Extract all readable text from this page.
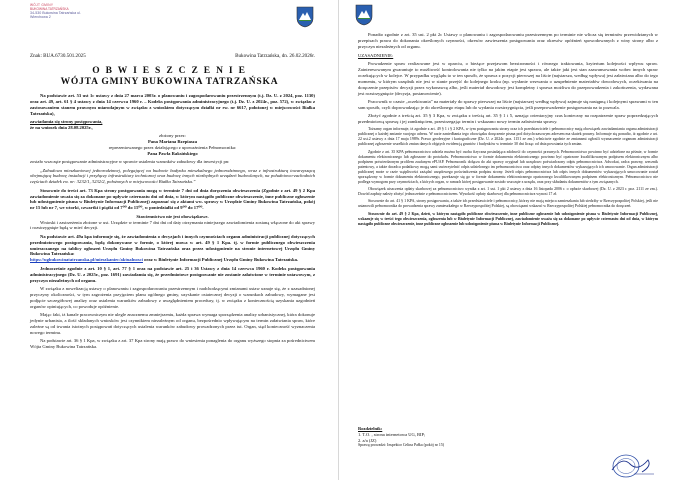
WÓJT GMINY
BUKOWINA TATRZAŃSKA
34-530 Bukowina Tatrzańska ul. Wierchowa 2
Znak: BUA.6730.501.2025	Bukowina Tatrzańska, dn. 26.02.2026r.
O B W I E S Z C Z E N I E
WÓJTA GMINY BUKOWINA TATRZAŃSKA

Na podstawie art. 53 ust 1c ustawy z dnia 27 marca 2003r. o planowaniu i zagospodarowaniu przestrzennym (t.j. Dz. U. z 2024, poz. 1130) oraz art. 49, art. 61 § 4 ustawy z dnia 14 czerwca 1960 r. – Kodeks postępowania administracyjnego (t.j. Dz. U. z 2024r., poz. 572), w związku z zastosowaniem stanem prawnym miarodajnym w związku z wnioskiem dotyczącym działki nr ew. nr 6617, położonej w miejscowości Białka Tatrzańska),

zawiadamia się strony postępowania,

że na wniosek dnia 28.08.2025r.,

złożony przez:

Pana Mariana Rzepiasza

reprezentowanego przez działającego z upoważnienia Pełnomocnika:

Pana Pawła Raksińskiego

zostało wszczęte postępowanie administracyjne w sprawie ustalenia warunków zabudowy dla inwestycji pn:

„Zabudowa mieszkaniowej jednorodzinnej, polegającej na budowie budynku mieszkalnego jednorodzinnego, wraz z infrastrukturą towarzyszącą obejmującą budowę instalacji i przyłączy infrastruktury technicznej oraz budowę innych niezbędnych urządzeń budowlanych, na południowo-zachodnich częściach działek ew. nr: 3232/1, 3232/2, położonych w miejscowości Białka Tatrzańska.”

Stosownie do treści art. 73 Kpa strony postępowania mogą w terminie 7 dni od dnia doręczenia obwieszczenia (Zgodnie z art. 49 § 2 Kpa zawiadomienie uważa się za dokonane po upływie czternastu dni od dnia, w którym nastąpiło publiczne obwieszczenie, inne publiczne ogłoszenie lub udostępnienie pisma w Biuletynie Informacji Publicznej) zapoznać się z aktami ww. sprawy w Urzędzie Gminy Bukowina Tatrzańska, pokój nr 15 lub nr 7, we wtorki, czwartki i piątki od 7⁰⁰ do 15⁰⁰, w poniedziałki od 9⁰⁰ do 17⁰⁰.

Stawiennictwo nie jest obowiązkowe.

Wnioski i zastrzeżenia złożone w ust. Urzędzie w terminie 7 dni dni od daty otrzymania niniejszego zawiadomienia zostaną włączone do akt sprawy i rozstrzygnięte będą w mieć decyzji.

Na podstawie art. 49a kpa informuje się, że zawiadomienia o decyzjach i innych czynnościach organu administracji publicznej dotyczących przedmiotowego postępowania, będą dokonywane w formie, o której mowa w art. 49 § 1 Kpa. tj. w formie publicznego obwieszczenia umieszczanego na tablicy ogłoszeń Urzędu Gminy Bukowina Tatrzańska oraz przez udostępnienie na stronie internetowej Urzędu Gminy Bukowina Tatrzańska:

https://ugbukowinatatrzanska.pl/mieszkaniec/aktualnosci oraz w Biuletynie Informacji Publicznej Urzędu Gminy Bukowina Tatrzańska.

Jednocześnie zgodnie z art. 10 § 1, art. 77 § 1 oraz na podstawie art. 25 i 36 Ustawy z dnia 14 czerwca 1960 r. Kodeks postępowania administracyjnego (Dz. U. z 2025r., poz. 1691) zawiadamia się, że przedmiotowe postępowanie nie zostanie załatwione w terminie ustawowym, z przyczyn niezależnych od organu.

W związku z nowelizacją ustawy o planowaniu i zagospodarowaniu przestrzennym i nadchodzącymi zmianami ustaw uznaje się, że z uzasadnionej przyczyny okoliczności, w tym zagrożenia przyjęciem planu ogólnego gminy, uzyskanie ostatecznej decyzji o warunkach zabudowy, wymagane jest podjęcie szczegółowej analizy oraz ustalenia warunków zabudowy z uwzględnieniem procedury, tj. w związku z koniecznością uzyskania uzgodnień organów opiniujących, co powoduje opóźnienie.

Mając fakt, iż kanale pracowniczym nie ulegle znacznemu zmniejszeniu, każda sprawa wymaga sporządzenia analizy urbanistycznej, która dokonuje jedynie urbanista, a ilość składanych wniosków jest czynnikiem niezależnym od organu, bezpośrednio wpływającym na termin załatwiania spraw, które zależne są od trwania istotnych postępowań dotyczących ustalenia warunków zabudowy prowadzonych przez tut. Organ, stąd konieczność wyznaczenia nowego terminu.

Na podstawie art. 36 § 1 Kpa, w związku z art. 37 Kpa strony mają prawo do wniesienia ponaglenia do organu wyższego stopnia za pośrednictwem Wójta Gminy Bukowina Tatrzańska.

Ponadto zgodnie z art. 35 ust. 2 pkt 2c Ustawy o planowaniu i zagospodarowaniu przestrzennym po terminie nie wlicza się terminów przewidzianych w przepisach prawa do dokonania określonych czynności, okresów zawieszenia postępowania oraz okresów opóźnień spowodowanych z winy strony albo z przyczyn niezależnych od organu.

UZASADNIENIE:

Prowadzenie spraw realizowane jest w oparciu, o bieżące przejawom bezstronności i równego traktowania, kryterium kolejności wpływu spraw. Zainteresowanym gwarantuje to możliwość kontrolowania nie tylko na jakim etapie jest sprawa, ale także jaki jest stan zaawansowania wobec innych spraw oczekujących w kolejce. W przypadku wyglądu to w ten sposób, że sprawa z pozycji pierwszej na liście (najstarsza, według wpływu) jest załatwiana albo do tego momentu, w którym urzędnik nie jest w stanie przejść do kolejnego kroku (np. wysłanie wezwania o uzupełnienie materiałów dowodowych, oczekiwania na doręczenie przepisów decyzji przez wykonawcę albo, jeśli materiał dowodowy jest kompletny i sprawa możliwa do przeprowadzenia i zakończenia, wydawana jest rozstrzygnięcie (decyzja, postanowienie).

Pracownik w czasie „oczekiwania” na materiały do sprawy pierwszej na liście (najstarszej według wpływu) zajmuje się następną i kolejnymi sprawami w ten sam sposób, czyli doprowadzając je do określonego etapu lub do wydania rozstrzygnięcia, jeśli przeprowadzenie postępowania na to pozwala.

Złożyć zgodnie z treścią art. 35 § 3 Kpa, w związku z treścią art. 35 § 1 i 5, uznając orientacyjny czas konieczny na rozpatrzenie spraw poprzedzających przedmiotową sprawę i jej zamknięciem, przestrzegając termin i wskazano nowy termin załatwienia sprawy.

Tożsamy organ informuje, iż zgodnie z art. 49 § 1 i § 2 KPA, w tym postępowaniu strony oraz ich przedstawiciele i pełnomocnicy mają obowiązek zawiadamiania organu administracji publicznej o każdej zmianie swojego adresu. W razie zaniedbania tego obowiązku doręczenie pisma pod dotychczasowym adresem ma skutek prawny. Informuje się ponadto, iż zgodnie z art. 22 ust.2 ustawy z dnia 17 maja 1989r. Prawo geodezyjne i kartograficzne (Dz. U. z 2024r. poz. 1151 ze zm.) właściwie zgodnie ze zmianami ogłosili wyznaczenie organom administracji publicznej zgłoszenie wszelkich zmian danych objętych ewidencją gruntów i budynków w terminie 30 dni licząc od dnia powstania tych zmian.

Zgodnie z art. 35 KPA pełnomocnictwo udziela można być osoba fizyczna posiadająca zdolność do czynności prawnych. Pełnomocnictwo powinno być udzielone na piśmie, w formie dokumentu elektronicznego lub zgłoszone do protokołu. Pełnomocnictwo w formie dokumentu elektronicznego powinno być opatrzone kwalifikowanym podpisem elektronicznym albo podpisem potwierdzonym profilem zaufanym ePUAP. Pełnomocnik dołącza do akt sprawy oryginał lub urzędowo poświadczony odpis pełnomocnictwa. Adwokat, radca prawny, rzecznik patentowy, a także doradca podatkowy mogą sami uwierzytelnić odpis udzielonego im pełnomocnictwa oraz odpisy innych dokumentów wykazujących ich umocowanie. Organ administracji publicznej może w razie wątpliwości zażądać urzędowego poświadczenia podpisu strony. Jeżeli odpis pełnomocnictwa lub odpis innych dokumentów wykazujących umocowanie został sporządzony w formie dokumentu elektronicznego, przekazuje się go w formie dokumentu elektronicznego opatrzonego kwalifikowanym podpisem elektronicznym. Pełnomocnictwo nie podlega wymogom przy czynnościach, z których organ, w ramach której postępowanie zostało wszczęte z urzędu, oraz przy składaniu dokumentów z tym związanych.

Obowiązek uiszczenia opłaty skarbowej za pełnomocnictwo wynika z art. 1 ust. 1 pkt 2 ustawy z dnia 16 listopada 2006 r. o opłacie skarbowej (Dz. U. z 2023 r. poz. 2111 ze zm.). Dowód zapłaty należy złożyć jednocześnie z pełnomocnictwem. Wysokość opłaty skarbowej dla pełnomocnictwa wynosi 17 zł.

Stosownie do art. 41 § 1 KPA, strony postępowania, a także ich przedstawiciele i pełnomocnicy, którzy nie mają miejsca zamieszkania lub siedziby w Rzeczypospolitej Polskiej, jeśli nie ustanowili pełnomocnika do prowadzenia sprawy zamieszkałego w Rzeczypospolitej Polskiej, są obowiązani wskazać w Rzeczypospolitej Polskiej pełnomocnika do doręczeń.

Stosownie do art. 49 § 2 Kpa, dzień, w którym nastąpiło publiczne obwieszczenie, inne publiczne ogłoszenie lub udostępnienie pisma w Biuletynie Informacji Publicznej, wskazuje się w treści tego obwieszczenia, ogłoszenia lub w Biuletynie Informacji Publicznej, zawiadomienie uważa się za dokonane po upływie czternastu dni od dnia, w którym nastąpiło publiczne obwieszczenie, inne publiczne ogłoszenie lub udostępnienie pisma w Biuletynie Informacji Publicznej.

Rozdzielnik:
1. T.O. , strona internetowa UG, BIP;
2. a/a (JZ)
Sprawę prowadzi: Inspektor Celina Pałka (pokój nr 15)
